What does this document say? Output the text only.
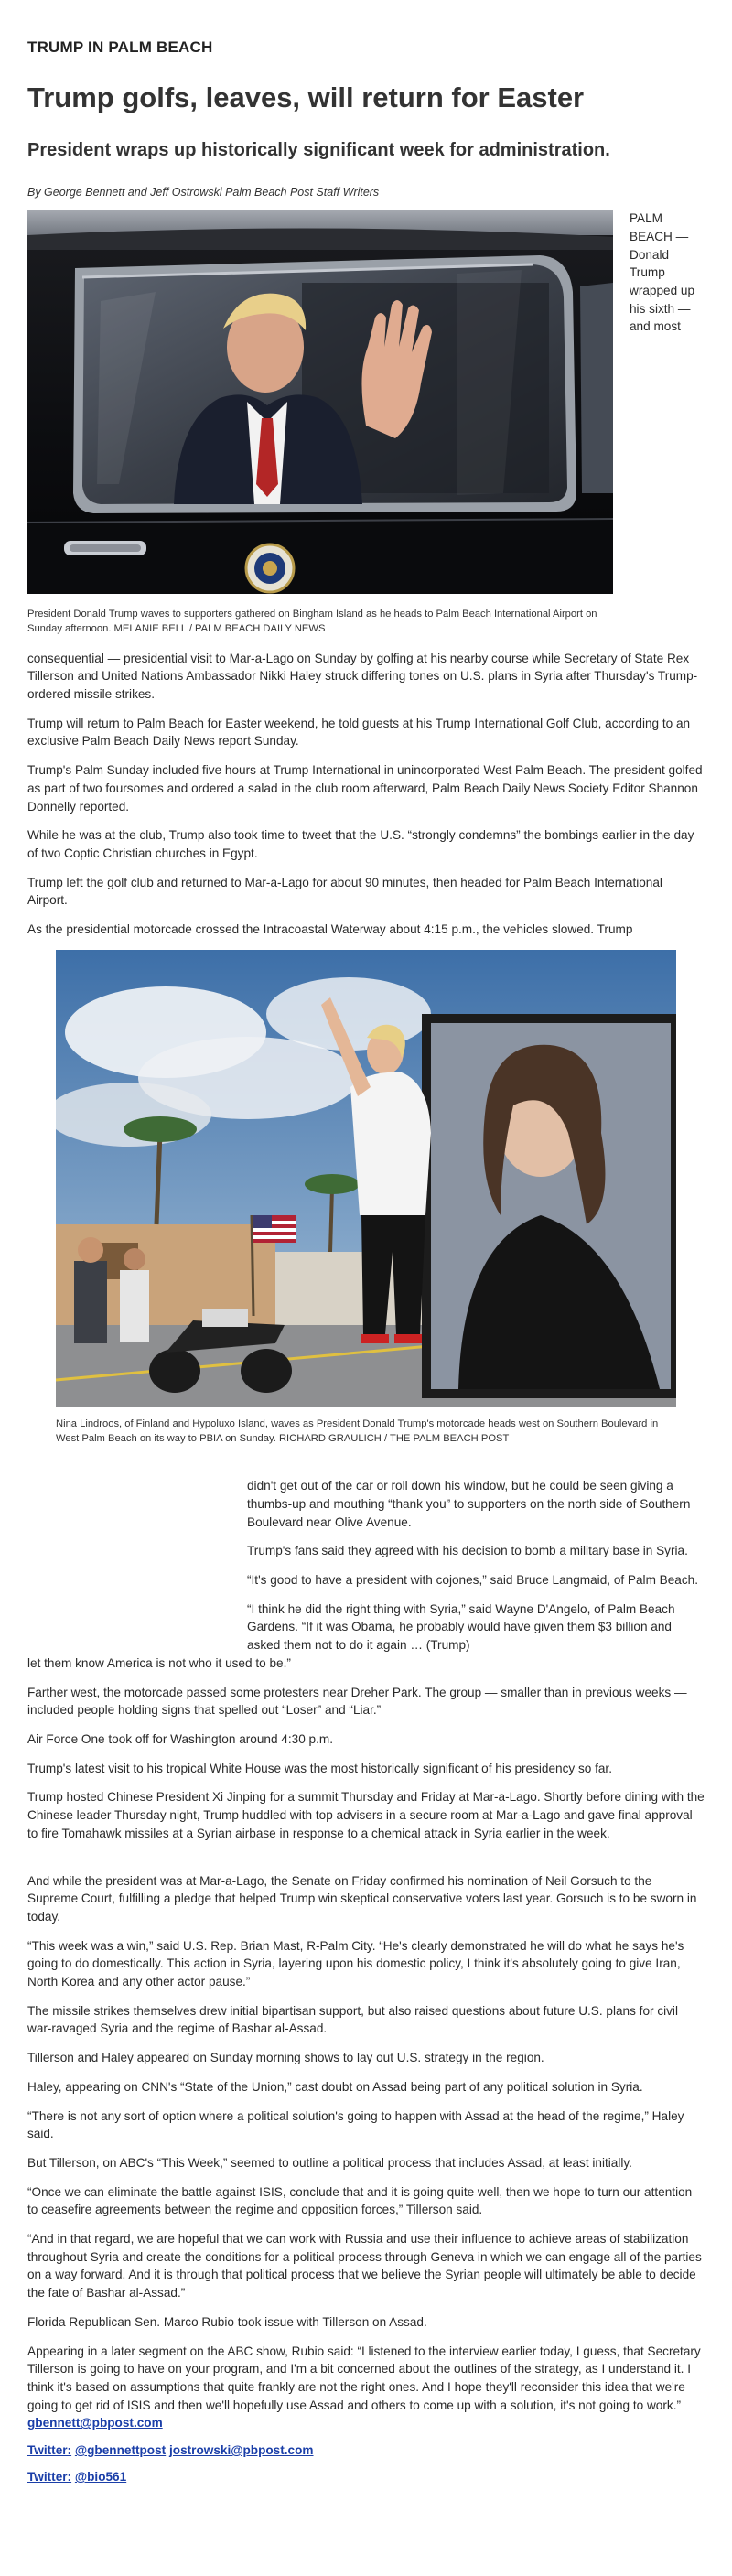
TRUMP IN PALM BEACH
Trump golfs, leaves, will return for Easter
President wraps up historically significant week for administration.
By George Bennett and Jeff Ostrowski Palm Beach Post Staff Writers
President Donald Trump waves to supporters gathered on Bingham Island as he heads to Palm Beach International Airport on Sunday afternoon. MELANIE BELL / PALM BEACH DAILY NEWS

PALM BEACH — Donald Trump wrapped up his sixth — and most consequential — presidential visit to Mar-a-Lago on Sunday by golfing at his nearby course while Secretary of State Rex Tillerson and United Nations Ambassador Nikki Haley struck differing tones on U.S. plans in Syria after Thursday's Trump-ordered missile strikes.

Trump will return to Palm Beach for Easter weekend, he told guests at his Trump International Golf Club, according to an exclusive Palm Beach Daily News report Sunday.

Trump's Palm Sunday included five hours at Trump International in unincorporated West Palm Beach. The president golfed as part of two foursomes and ordered a salad in the club room afterward, Palm Beach Daily News Society Editor Shannon Donnelly reported.

While he was at the club, Trump also took time to tweet that the U.S. “strongly condemns” the bombings earlier in the day of two Coptic Christian churches in Egypt.

Trump left the golf club and returned to Mar-a-Lago for about 90 minutes, then headed for Palm Beach International Airport.

As the presidential motorcade crossed the Intracoastal Waterway about 4:15 p.m., the vehicles slowed. Trump

Nina Lindroos, of Finland and Hypoluxo Island, waves as President Donald Trump's motorcade heads west on Southern Boulevard in West Palm Beach on its way to PBIA on Sunday. RICHARD GRAULICH / THE PALM BEACH POST

didn't get out of the car or roll down his window, but he could be seen giving a thumbs-up and mouthing “thank you” to supporters on the north side of Southern Boulevard near Olive Avenue.

Trump's fans said they agreed with his decision to bomb a military base in Syria.

“It's good to have a president with cojones,” said Bruce Langmaid, of Palm Beach.

“I think he did the right thing with Syria,” said Wayne D'Angelo, of Palm Beach Gardens. “If it was Obama, he probably would have given them $3 billion and asked them not to do it again … (Trump)

let them know America is not who it used to be.”

Farther west, the motorcade passed some protesters near Dreher Park. The group — smaller than in previous weeks — included people holding signs that spelled out “Loser” and “Liar.”

Air Force One took off for Washington around 4:30 p.m.

Trump's latest visit to his tropical White House was the most historically significant of his presidency so far.

Trump hosted Chinese President Xi Jinping for a summit Thursday and Friday at Mar-a-Lago. Shortly before dining with the Chinese leader Thursday night, Trump huddled with top advisers in a secure room at Mar-a-Lago and gave final approval to fire Tomahawk missiles at a Syrian airbase in response to a chemical attack in Syria earlier in the week.

And while the president was at Mar-a-Lago, the Senate on Friday confirmed his nomination of Neil Gorsuch to the Supreme Court, fulfilling a pledge that helped Trump win skeptical conservative voters last year. Gorsuch is to be sworn in today.

“This week was a win,” said U.S. Rep. Brian Mast, R-Palm City. “He's clearly demonstrated he will do what he says he's going to do domestically. This action in Syria, layering upon his domestic policy, I think it's absolutely going to give Iran, North Korea and any other actor pause.”

The missile strikes themselves drew initial bipartisan support, but also raised questions about future U.S. plans for civil war-ravaged Syria and the regime of Bashar al-Assad.

Tillerson and Haley appeared on Sunday morning shows to lay out U.S. strategy in the region.

Haley, appearing on CNN's “State of the Union,” cast doubt on Assad being part of any political solution in Syria.

“There is not any sort of option where a political solution's going to happen with Assad at the head of the regime,” Haley said.

But Tillerson, on ABC's “This Week,” seemed to outline a political process that includes Assad, at least initially.

“Once we can eliminate the battle against ISIS, conclude that and it is going quite well, then we hope to turn our attention to ceasefire agreements between the regime and opposition forces,” Tillerson said.

“And in that regard, we are hopeful that we can work with Russia and use their influence to achieve areas of stabilization throughout Syria and create the conditions for a political process through Geneva in which we can engage all of the parties on a way forward. And it is through that political process that we believe the Syrian people will ultimately be able to decide the fate of Bashar al-Assad.”

Florida Republican Sen. Marco Rubio took issue with Tillerson on Assad.

Appearing in a later segment on the ABC show, Rubio said: “I listened to the interview earlier today, I guess, that Secretary Tillerson is going to have on your program, and I'm a bit concerned about the outlines of the strategy, as I understand it. I think it's based on assumptions that quite frankly are not the right ones. And I hope they'll reconsider this idea that we're going to get rid of ISIS and then we'll hopefully use Assad and others to come up with a solution, it's not going to work.” gbennett@pbpost.com

Twitter: @gbennettpost jostrowski@pbpost.com
Twitter: @bio561
